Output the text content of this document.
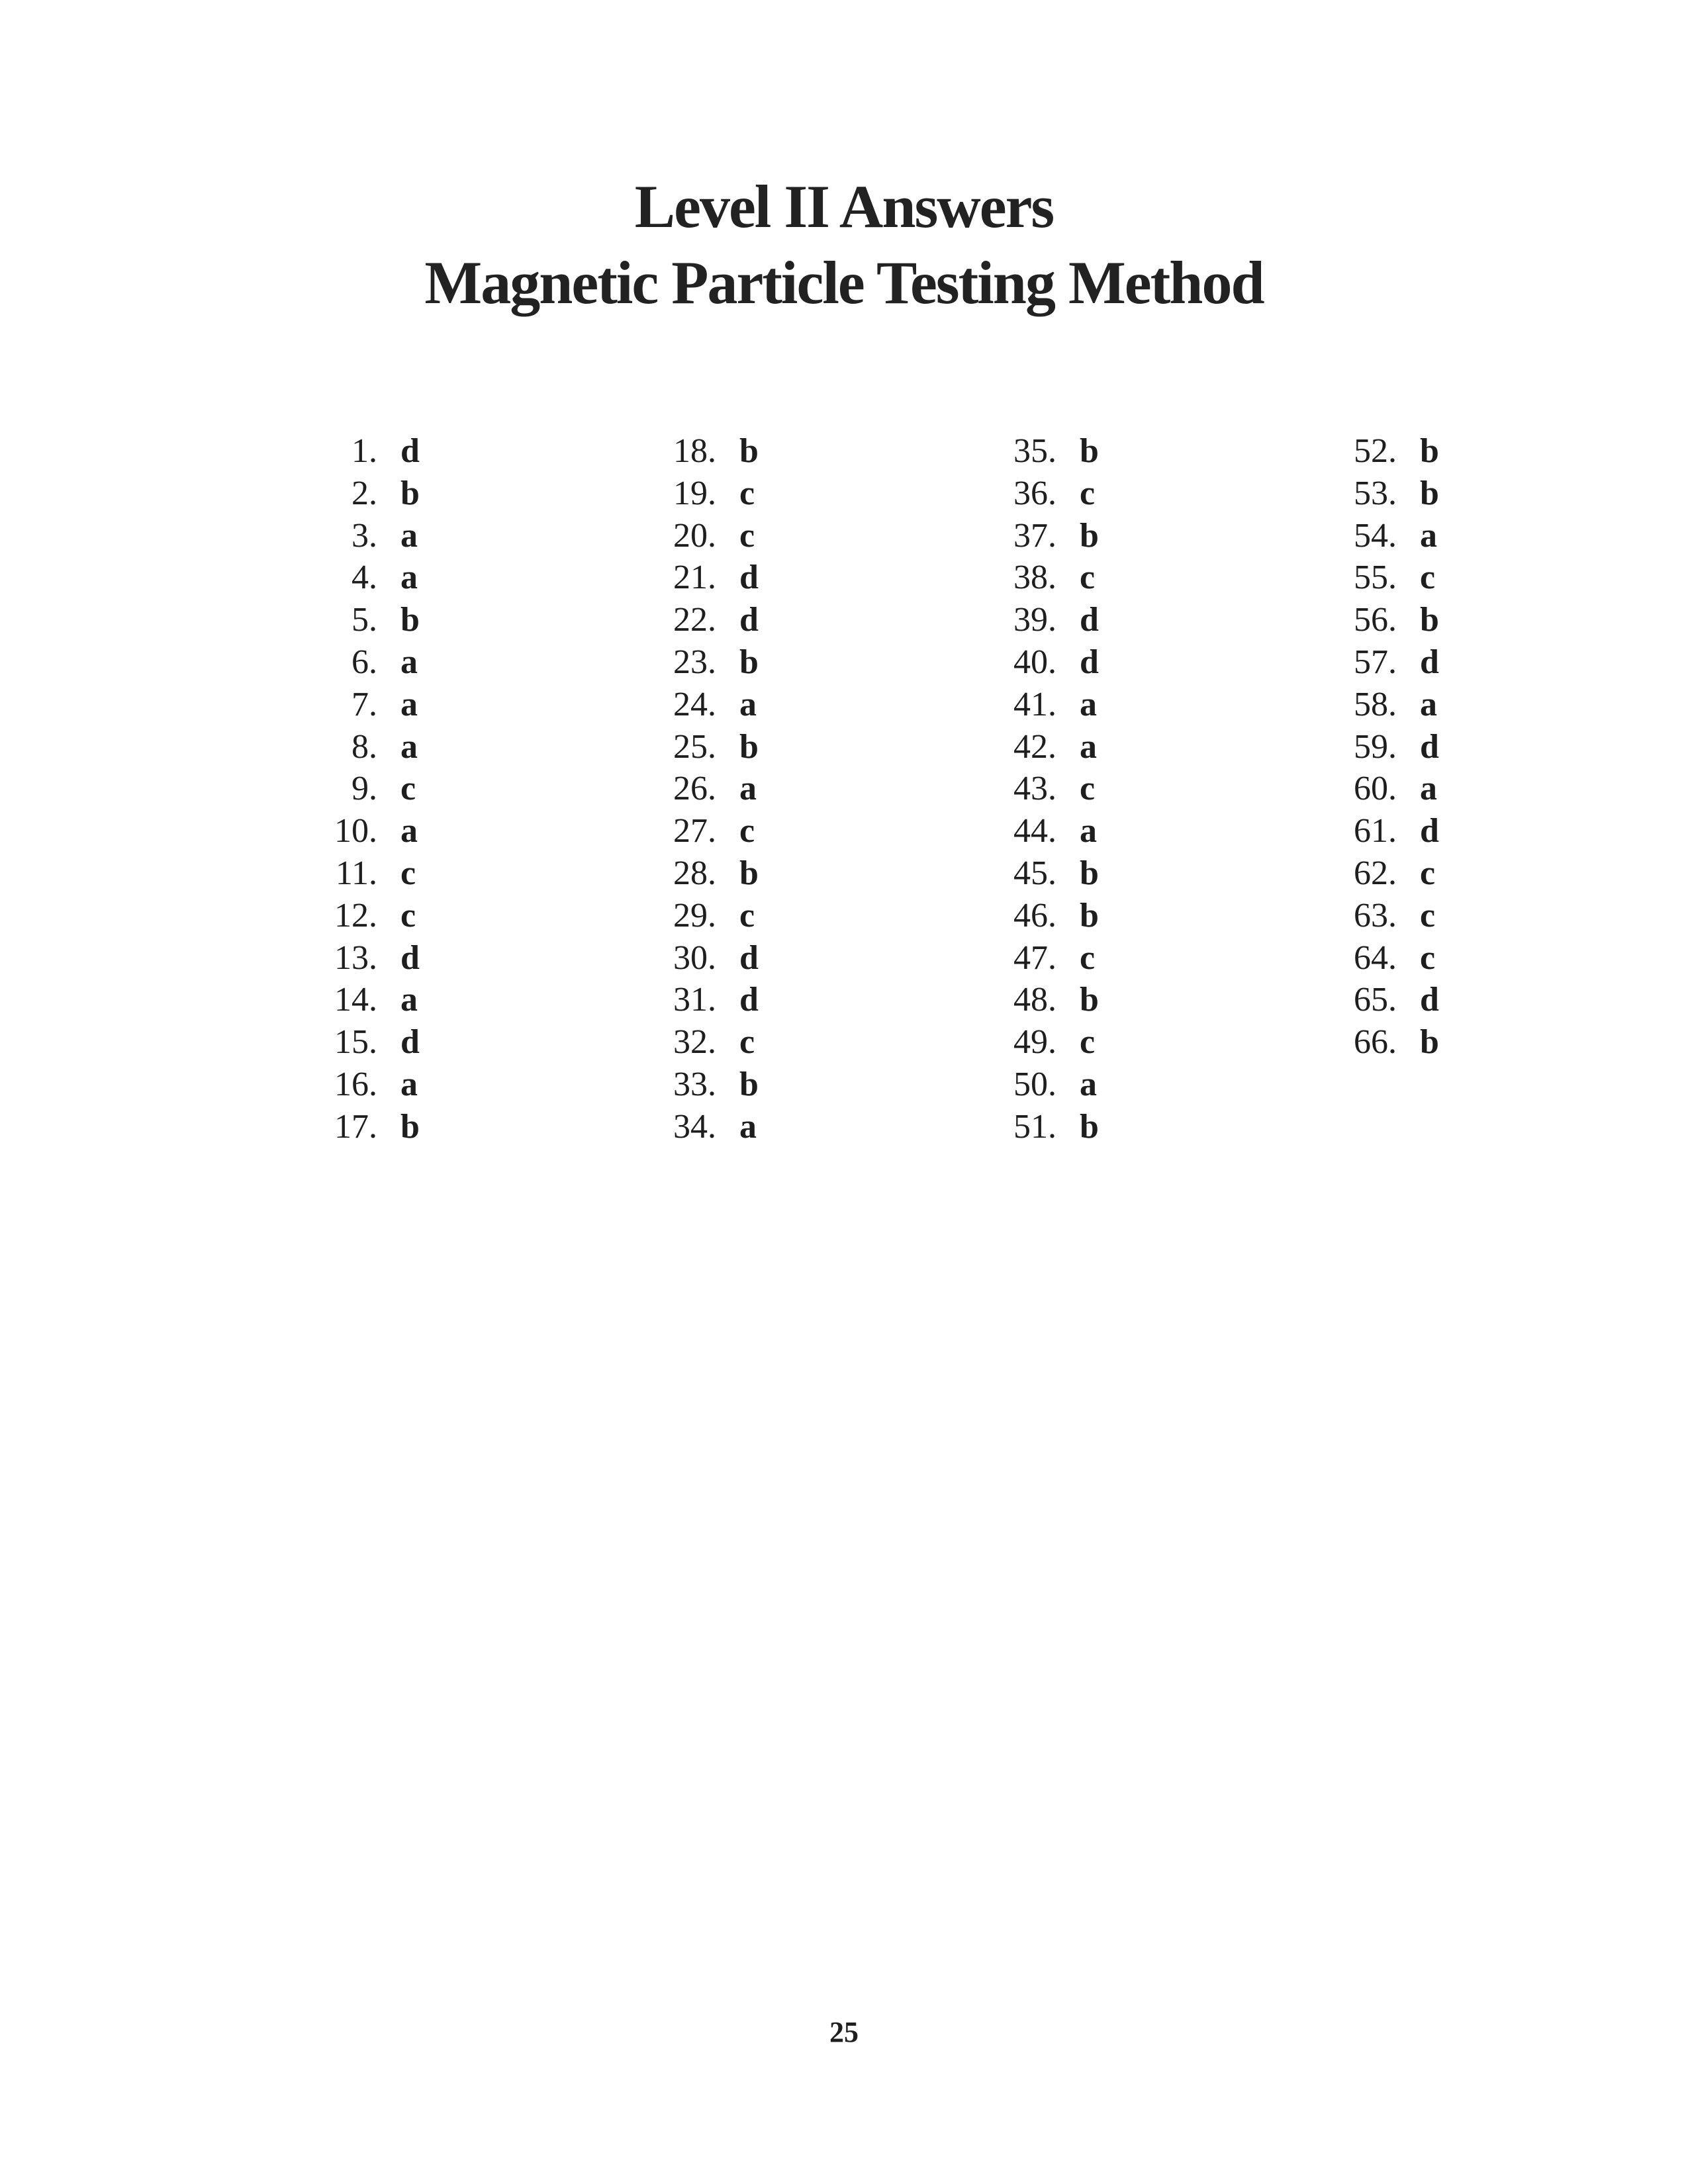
Level II Answers

Magnetic Particle Testing Method

1. d
2. b
3. a
4. a
5. b
6. a
7. a
8. a
9. c
10. a
11. c
12. c
13. d
14. a
15. d
16. a
17. b
18. b
19. c
20. c
21. d
22. d
23. b
24. a
25. b
26. a
27. c
28. b
29. c
30. d
31. d
32. c
33. b
34. a
35. b
36. c
37. b
38. c
39. d
40. d
41. a
42. a
43. c
44. a
45. b
46. b
47. c
48. b
49. c
50. a
51. b
52. b
53. b
54. a
55. c
56. b
57. d
58. a
59. d
60. a
61. d
62. c
63. c
64. c
65. d
66. b
25
